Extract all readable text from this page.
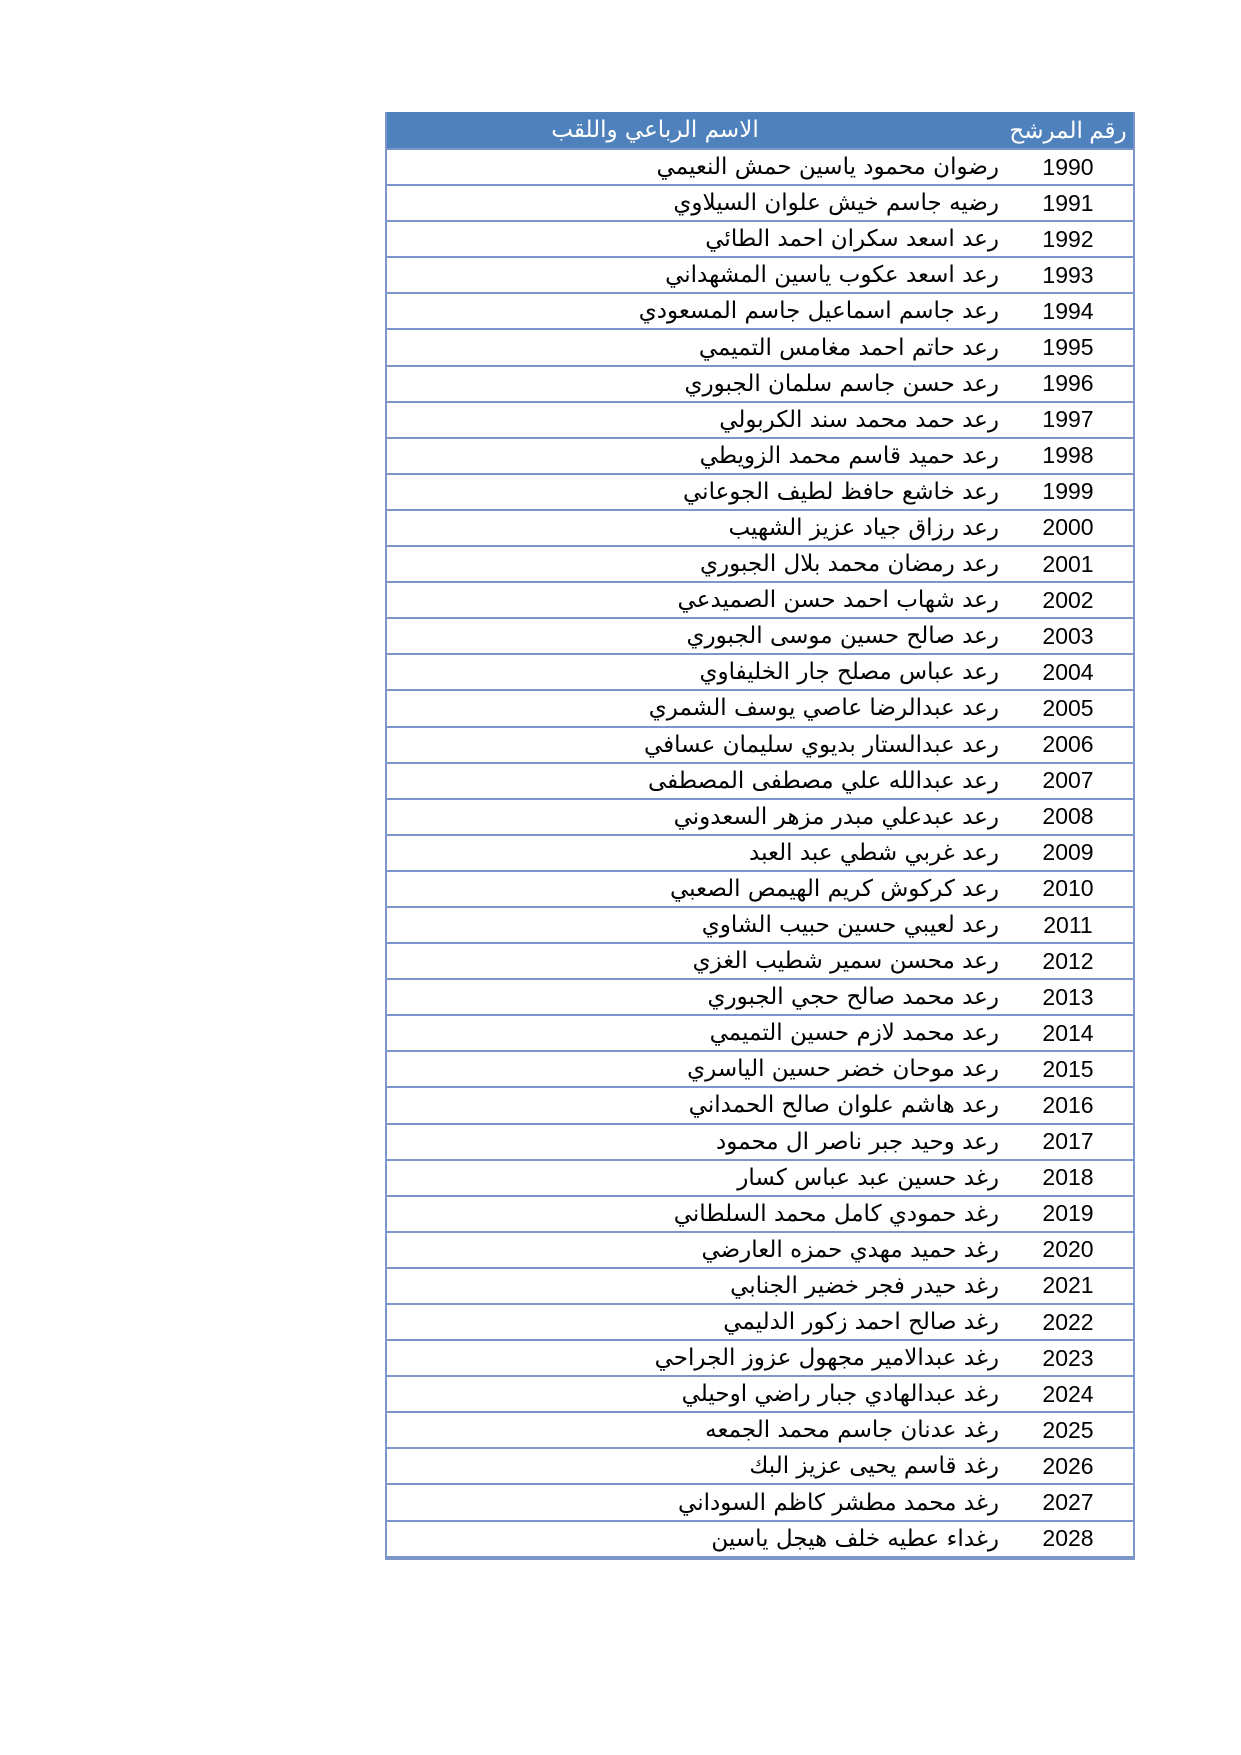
رقم المرشح
الاسم الرباعي واللقب
1990
رضوان محمود ياسين حمش النعيمي
1991
رضيه جاسم خيش علوان السيلاوي
1992
رعد اسعد سكران احمد الطائي
1993
رعد اسعد عكوب ياسين المشهداني
1994
رعد جاسم اسماعيل جاسم المسعودي
1995
رعد حاتم احمد مغامس التميمي
1996
رعد حسن جاسم سلمان الجبوري
1997
رعد حمد محمد سند الكربولي
1998
رعد حميد قاسم محمد الزويطي
1999
رعد خاشع حافظ لطيف الجوعاني
2000
رعد رزاق جياد عزيز الشهيب
2001
رعد رمضان محمد بلال الجبوري
2002
رعد شهاب احمد حسن الصميدعي
2003
رعد صالح حسين موسى الجبوري
2004
رعد عباس مصلح جار الخليفاوي
2005
رعد عبدالرضا عاصي يوسف الشمري
2006
رعد عبدالستار بديوي سليمان عسافي
2007
رعد عبدالله علي مصطفى المصطفى
2008
رعد عبدعلي مبدر مزهر السعدوني
2009
رعد غربي شطي عبد العبد
2010
رعد كركوش كريم الهيمص الصعبي
2011
رعد لعيبي حسين حبيب الشاوي
2012
رعد محسن سمير شطيب الغزي
2013
رعد محمد صالح حجي الجبوري
2014
رعد محمد لازم حسين التميمي
2015
رعد موحان خضر حسين الياسري
2016
رعد هاشم علوان صالح الحمداني
2017
رعد وحيد جبر ناصر ال محمود
2018
رغد حسين عبد عباس كسار
2019
رغد حمودي كامل محمد السلطاني
2020
رغد حميد مهدي حمزه العارضي
2021
رغد حيدر فجر خضير الجنابي
2022
رغد صالح احمد زكور الدليمي
2023
رغد عبدالامير مجهول عزوز الجراحي
2024
رغد عبدالهادي جبار راضي اوحيلي
2025
رغد عدنان جاسم محمد الجمعه
2026
رغد قاسم يحيى عزيز البك
2027
رغد محمد مطشر كاظم السوداني
2028
رغداء عطيه خلف هيجل ياسين
